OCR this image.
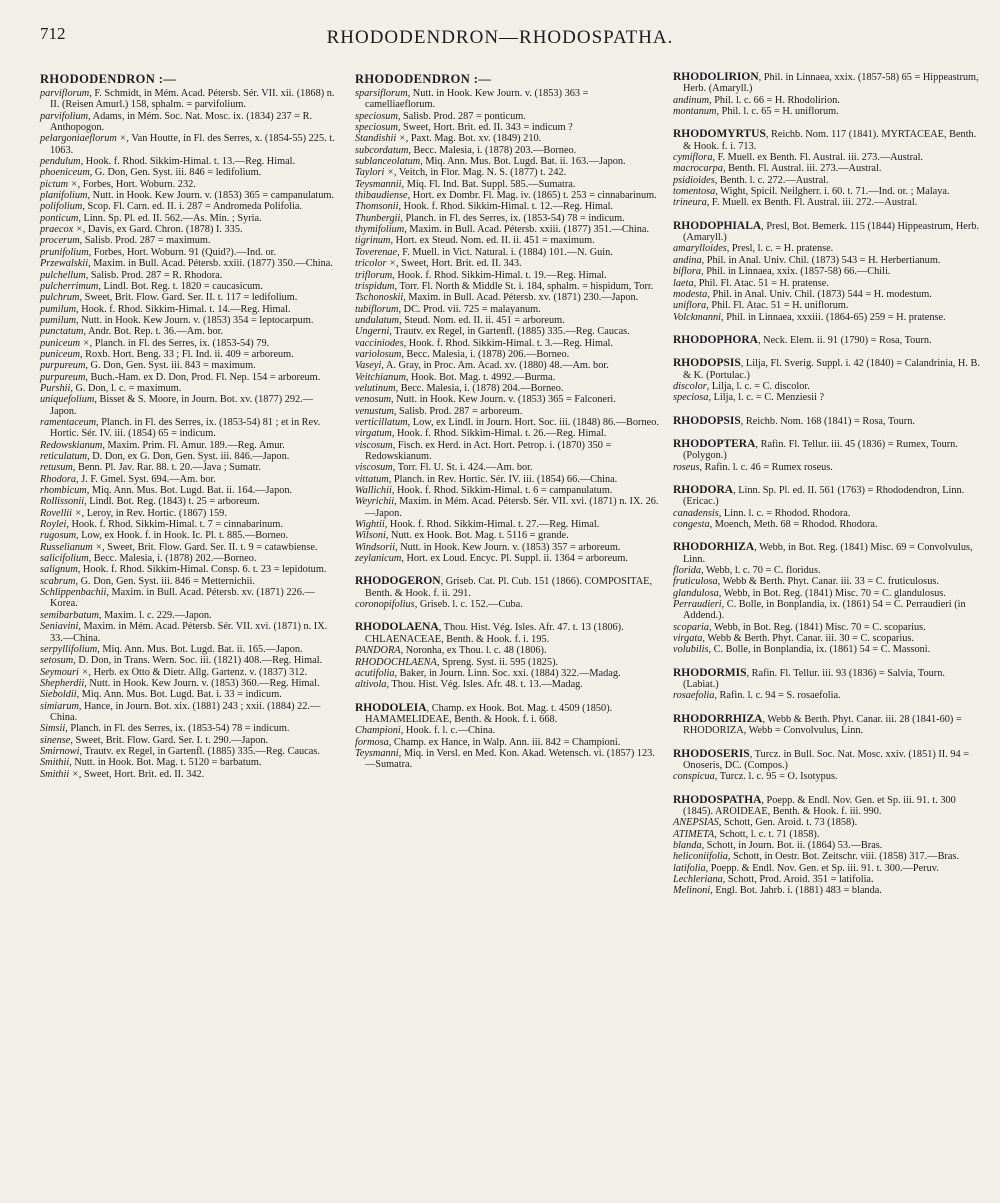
712	RHODODENDRON—RHODOSPATHA.
RHODODENDRON :—

parviflorum, F. Schmidt, in Mém. Acad. Pétersb. Sér. VII. xii. (1868) n. II. (Reisen Amurl.) 158, sphalm. = parvifolium.

parvifolium, Adams, in Mém. Soc. Nat. Mosc. ix. (1834) 237 = R. Anthopogon.

pelargoniaeflorum ×, Van Houtte, in Fl. des Serres, x. (1854-55) 225. t. 1063.

pendulum, Hook. f. Rhod. Sikkim-Himal. t. 13.—Reg. Himal.

phoeniceum, G. Don, Gen. Syst. iii. 846 = ledifolium.

pictum ×, Forbes, Hort. Woburn. 232.

planifolium, Nutt. in Hook. Kew Journ. v. (1853) 365 = campanulatum.

polifolium, Scop. Fl. Carn. ed. II. i. 287 = Andromeda Polifolia.

ponticum, Linn. Sp. Pl. ed. II. 562.—As. Min. ; Syria.

praecox ×, Davis, ex Gard. Chron. (1878) I. 335.

procerum, Salisb. Prod. 287 = maximum.

prunifolium, Forbes, Hort. Woburn. 91 (Quid?).—Ind. or.

Przewalskii, Maxim. in Bull. Acad. Pétersb. xxiii. (1877) 350.—China.

pulchellum, Salisb. Prod. 287 = R. Rhodora.

pulcherrimum, Lindl. Bot. Reg. t. 1820 = caucasicum.

pulchrum, Sweet, Brit. Flow. Gard. Ser. II. t. 117 = ledifolium.

pumilum, Hook. f. Rhod. Sikkim-Himal. t. 14.—Reg. Himal.

pumilum, Nutt. in Hook. Kew Journ. v. (1853) 354 = leptocarpum.

punctatum, Andr. Bot. Rep. t. 36.—Am. bor.

puniceum ×, Planch. in Fl. des Serres, ix. (1853-54) 79.

puniceum, Roxb. Hort. Beng. 33 ; Fl. Ind. ii. 409 = arboreum.

purpureum, G. Don, Gen. Syst. iii. 843 = maximum.

purpureum, Buch.-Ham. ex D. Don, Prod. Fl. Nep. 154 = arboreum.

Purshii, G. Don, l. c. = maximum.

uniquefolium, Bisset & S. Moore, in Journ. Bot. xv. (1877) 292.—Japon.

ramentaceum, Planch. in Fl. des Serres, ix. (1853-54) 81 ; et in Rev. Hortic. Sér. IV. iii. (1854) 65 = indicum.

Redowskianum, Maxim. Prim. Fl. Amur. 189.—Reg. Amur.

reticulatum, D. Don, ex G. Don, Gen. Syst. iii. 846.—Japon.

retusum, Benn. Pl. Jav. Rar. 88. t. 20.—Java ; Sumatr.

Rhodora, J. F. Gmel. Syst. 694.—Am. bor.

rhombicum, Miq. Ann. Mus. Bot. Lugd. Bat. ii. 164.—Japon.

Rollissonii, Lindl. Bot. Reg. (1843) t. 25 = arboreum.

Rovellii ×, Leroy, in Rev. Hortic. (1867) 159.

Roylei, Hook. f. Rhod. Sikkim-Himal. t. 7 = cinnabarinum.

rugosum, Low, ex Hook. f. in Hook. Ic. Pl. t. 885.—Borneo.

Russelianum ×, Sweet, Brit. Flow. Gard. Ser. II. t. 9 = catawbiense.

salicifolium, Becc. Malesia, i. (1878) 202.—Borneo.

salignum, Hook. f. Rhod. Sikkim-Himal. Consp. 6. t. 23 = lepidotum.

scabrum, G. Don, Gen. Syst. iii. 846 = Metternichii.

Schlippenbachii, Maxim. in Bull. Acad. Pétersb. xv. (1871) 226.—Korea.

semibarbatum, Maxim. l. c. 229.—Japon.

Seniavini, Maxim. in Mém. Acad. Pétersb. Sér. VII. xvi. (1871) n. IX. 33.—China.

serpyllifolium, Miq. Ann. Mus. Bot. Lugd. Bat. ii. 165.—Japon.

setosum, D. Don, in Trans. Wern. Soc. iii. (1821) 408.—Reg. Himal.

Seymouri ×, Herb. ex Otto & Dietr. Allg. Gartenz. v. (1837) 312.

Shepherdii, Nutt. in Hook. Kew Journ. v. (1853) 360.—Reg. Himal.

Sieboldii, Miq. Ann. Mus. Bot. Lugd. Bat. i. 33 = indicum.

simiarum, Hance, in Journ. Bot. xix. (1881) 243 ; xxii. (1884) 22.—China.

Simsii, Planch. in Fl. des Serres, ix. (1853-54) 78 = indicum.

sinense, Sweet, Brit. Flow. Gard. Ser. I. t. 290.—Japon.

Smirnowi, Trautv. ex Regel, in Gartenfl. (1885) 335.—Reg. Caucas.

Smithii, Nutt. in Hook. Bot. Mag. t. 5120 = barbatum.

Smithii ×, Sweet, Hort. Brit. ed. II. 342.

RHODODENDRON :—

sparsiflorum, Nutt. in Hook. Kew Journ. v. (1853) 363 = camelliaeflorum.

speciosum, Salisb. Prod. 287 = ponticum.

speciosum, Sweet, Hort. Brit. ed. II. 343 = indicum ?

Standishii ×, Paxt. Mag. Bot. xv. (1849) 210.

subcordatum, Becc. Malesia, i. (1878) 203.—Borneo.

sublanceolatum, Miq. Ann. Mus. Bot. Lugd. Bat. ii. 163.—Japon.

Taylori ×, Veitch, in Flor. Mag. N. S. (1877) t. 242.

Teysmannii, Miq. Fl. Ind. Bat. Suppl. 585.—Sumatra.

thibaudiense, Hort. ex Dombr. Fl. Mag. iv. (1865) t. 253 = cinnabarinum.

Thomsonii, Hook. f. Rhod. Sikkim-Himal. t. 12.—Reg. Himal.

Thunbergii, Planch. in Fl. des Serres, ix. (1853-54) 78 = indicum.

thymifolium, Maxim. in Bull. Acad. Pétersb. xxiii. (1877) 351.—China.

tigrinum, Hort. ex Steud. Nom. ed. II. ii. 451 = maximum.

Toverenae, F. Muell. in Vict. Natural. i. (1884) 101.—N. Guin.

tricolor ×, Sweet, Hort. Brit. ed. II. 343.

triflorum, Hook. f. Rhod. Sikkim-Himal. t. 19.—Reg. Himal.

trispidum, Torr. Fl. North & Middle St. i. 184, sphalm. = hispidum, Torr.

Tschonoskii, Maxim. in Bull. Acad. Pétersb. xv. (1871) 230.—Japon.

tubiflorum, DC. Prod. vii. 725 = malayanum.

undulatum, Steud. Nom. ed. II. ii. 451 = arboreum.

Ungerni, Trautv. ex Regel, in Gartenfl. (1885) 335.—Reg. Caucas.

vacciniodes, Hook. f. Rhod. Sikkim-Himal. t. 3.—Reg. Himal.

variolosum, Becc. Malesia, i. (1878) 206.—Borneo.

Vaseyi, A. Gray, in Proc. Am. Acad. xv. (1880) 48.—Am. bor.

Veitchianum, Hook. Bot. Mag. t. 4992.—Burma.

velutinum, Becc. Malesia, i. (1878) 204.—Borneo.

venosum, Nutt. in Hook. Kew Journ. v. (1853) 365 = Falconeri.

venustum, Salisb. Prod. 287 = arboreum.

verticillatum, Low, ex Lindl. in Journ. Hort. Soc. iii. (1848) 86.—Borneo.

virgatum, Hook. f. Rhod. Sikkim-Himal. t. 26.—Reg. Himal.

viscosum, Fisch. ex Herd. in Act. Hort. Petrop. i. (1870) 350 = Redowskianum.

viscosum, Torr. Fl. U. St. i. 424.—Am. bor.

vittatum, Planch. in Rev. Hortic. Sér. IV. iii. (1854) 66.—China.

Wallichii, Hook. f. Rhod. Sikkim-Himal. t. 6 = campanulatum.

Weyrichii, Maxim. in Mém. Acad. Pétersb. Sér. VII. xvi. (1871) n. IX. 26.—Japon.

Wightii, Hook. f. Rhod. Sikkim-Himal. t. 27.—Reg. Himal.

Wilsoni, Nutt. ex Hook. Bot. Mag. t. 5116 = grande.

Windsorii, Nutt. in Hook. Kew Journ. v. (1853) 357 = arboreum.

zeylanicum, Hort. ex Loud. Encyc. Pl. Suppl. ii. 1364 = arboreum.

RHODOGERON, Griseb. Cat. Pl. Cub. 151 (1866). COMPOSITAE, Benth. & Hook. f. ii. 291.

coronopifolius, Griseb. l. c. 152.—Cuba.

RHODOLAENA, Thou. Hist. Vég. Isles. Afr. 47. t. 13 (1806). CHLAENACEAE, Benth. & Hook. f. i. 195.

PANDORA, Noronha, ex Thou. l. c. 48 (1806).

RHODOCHLAENA, Spreng. Syst. ii. 595 (1825).

acutifolia, Baker, in Journ. Linn. Soc. xxi. (1884) 322.—Madag.

altivola, Thou. Hist. Vég. Isles. Afr. 48. t. 13.—Madag.

RHODOLEIA, Champ. ex Hook. Bot. Mag. t. 4509 (1850). HAMAMELIDEAE, Benth. & Hook. f. i. 668.

Championi, Hook. f. l. c.—China.

formosa, Champ. ex Hance, in Walp. Ann. iii. 842 = Championi.

Teysmanni, Miq. in Versl. en Med. Kon. Akad. Wetensch. vi. (1857) 123.—Sumatra.

RHODOLIRION, Phil. in Linnaea, xxix. (1857-58) 65 = Hippeastrum, Herb. (Amaryll.)

andinum, Phil. l. c. 66 = H. Rhodolirion.

montanum, Phil. l. c. 65 = H. uniflorum.

RHODOMYRTUS, Reichb. Nom. 117 (1841). MYRTACEAE, Benth. & Hook. f. i. 713.

cymiflora, F. Muell. ex Benth. Fl. Austral. iii. 273.—Austral.

macrocarpa, Benth. Fl. Austral. iii. 273.—Austral.

psidioides, Benth. l. c. 272.—Austral.

tomentosa, Wight, Spicil. Neilgherr. i. 60. t. 71.—Ind. or. ; Malaya.

trineura, F. Muell. ex Benth. Fl. Austral. iii. 272.—Austral.

RHODOPHIALA, Presl, Bot. Bemerk. 115 (1844) Hippeastrum, Herb. (Amaryll.)

amarylloides, Presl, l. c. = H. pratense.

andina, Phil. in Anal. Univ. Chil. (1873) 543 = H. Herbertianum.

biflora, Phil. in Linnaea, xxix. (1857-58) 66.—Chili.

laeta, Phil. Fl. Atac. 51 = H. pratense.

modesta, Phil. in Anal. Univ. Chil. (1873) 544 = H. modestum.

uniflora, Phil. Fl. Atac. 51 = H. uniflorum.

Volckmanni, Phil. in Linnaea, xxxiii. (1864-65) 259 = H. pratense.

RHODOPHORA, Neck. Elem. ii. 91 (1790) = Rosa, Tourn.

RHODOPSIS, Lilja, Fl. Sverig. Suppl. i. 42 (1840) = Calandrinia, H. B. & K. (Portulac.)

discolor, Lilja, l. c. = C. discolor.

speciosa, Lilja, l. c. = C. Menziesii ?

RHODOPSIS, Reichb. Nom. 168 (1841) = Rosa, Tourn.

RHODOPTERA, Rafin. Fl. Tellur. iii. 45 (1836) = Rumex, Tourn. (Polygon.)

roseus, Rafin. l. c. 46 = Rumex roseus.

RHODORA, Linn. Sp. Pl. ed. II. 561 (1763) = Rhododendron, Linn. (Ericac.)

canadensis, Linn. l. c. = Rhodod. Rhodora.

congesta, Moench, Meth. 68 = Rhodod. Rhodora.

RHODORHIZA, Webb, in Bot. Reg. (1841) Misc. 69 = Convolvulus, Linn.

florida, Webb, l. c. 70 = C. floridus.

fruticulosa, Webb & Berth. Phyt. Canar. iii. 33 = C. fruticulosus.

glandulosa, Webb, in Bot. Reg. (1841) Misc. 70 = C. glandulosus.

Perraudieri, C. Bolle, in Bonplandia, ix. (1861) 54 = C. Perraudieri (in Addend.).

scoparia, Webb, in Bot. Reg. (1841) Misc. 70 = C. scoparius.

virgata, Webb & Berth. Phyt. Canar. iii. 30 = C. scoparius.

volubilis, C. Bolle, in Bonplandia, ix. (1861) 54 = C. Massoni.

RHODORMIS, Rafin. Fl. Tellur. iii. 93 (1836) = Salvia, Tourn. (Labiat.)

rosaefolia, Rafin. l. c. 94 = S. rosaefolia.

RHODORRHIZA, Webb & Berth. Phyt. Canar. iii. 28 (1841-60) = RHODORIZA, Webb = Convolvulus, Linn.

RHODOSERIS, Turcz. in Bull. Soc. Nat. Mosc. xxiv. (1851) II. 94 = Onoseris, DC. (Compos.)

conspicua, Turcz. l. c. 95 = O. Isotypus.

RHODOSPATHA, Poepp. & Endl. Nov. Gen. et Sp. iii. 91. t. 300 (1845). AROIDEAE, Benth. & Hook. f. iii. 990.

ANEPSIAS, Schott, Gen. Aroid. t. 73 (1858).

ATIMETA, Schott, l. c. t. 71 (1858).

blanda, Schott, in Journ. Bot. ii. (1864) 53.—Bras.

heliconiifolia, Schott, in Oestr. Bot. Zeitschr. viii. (1858) 317.—Bras.

latifolia, Poepp. & Endl. Nov. Gen. et Sp. iii. 91. t. 300.—Peruv.

Lechleriana, Schott, Prod. Aroid. 351 = latifolia.

Melinoni, Engl. Bot. Jahrb. i. (1881) 483 = blanda.
